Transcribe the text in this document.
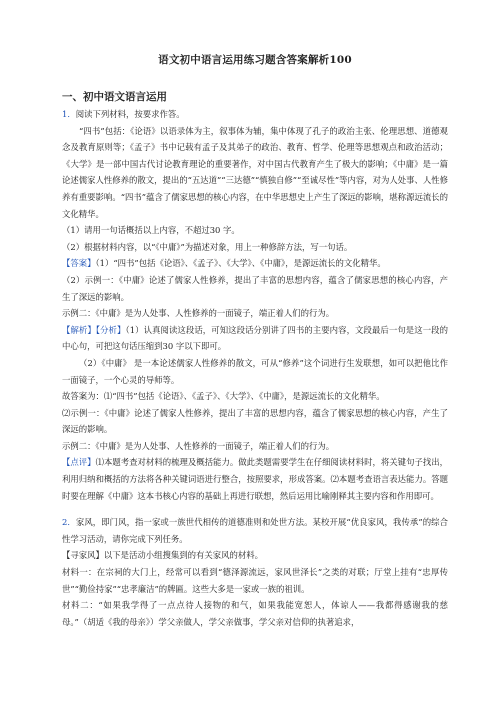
语文初中语言运用练习题含答案解析100
一、初中语文语言运用

1．阅读下列材料，按要求作答。

“四书”包括：《论语》以语录体为主，叙事体为辅，集中体现了孔子的政治主张、伦理思想、道德观念及教育原则等；《孟子》书中记载有孟子及其弟子的政治、教育、哲学、伦理等思想观点和政治活动；《大学》是一部中国古代讨论教育理论的重要著作，对中国古代教育产生了极大的影响；《中庸》是一篇论述儒家人性修养的散文，提出的“五达道”“三达德”“慎独自修”“至诚尽性”等内容，对为人处事、人性修养有重要影响。“四书”蕴含了儒家思想的核心内容，在中华思想史上产生了深远的影响，堪称源远流长的文化精华。

（1）请用一句话概括以上内容，不超过30 字。

（2）根据材料内容，以“《中庸》”为描述对象，用上一种修辞方法，写一句话。

【答案】（1）“四书”包括《论语》、《孟子》、《大学》、《中庸》，是源远流长的文化精华。

（2）示例一：《中庸》论述了儒家人性修养，提出了丰富的思想内容，蕴含了儒家思想的核心内容，产生了深远的影响。

示例二：《中庸》是为人处事、人性修养的一面镜子，端正着人们的行为。

【解析】【分析】（1）认真阅读这段话，可知这段话分别讲了四书的主要内容，文段最后一句是这一段的中心句，可把这句话压缩到30 字以下即可。

（2）《中庸》 是一本论述儒家人性修养的散文，可从“修养”这个词进行生发联想，如可以把他比作一面镜子，一个心灵的导师等。

故答案为：⑴“四书”包括《论语》、《孟子》、《大学》、《中庸》，是源远流长的文化精华。

⑵示例一：《中庸》论述了儒家人性修养，提出了丰富的思想内容，蕴含了儒家思想的核心内容，产生了深远的影响。

示例二：《中庸》是为人处事、人性修养的一面镜子，端正着人们的行为。

【点评】⑴本题考查对材料的梳理及概括能力。做此类题需要学生在仔细阅读材料时，将关键句子找出，利用归纳和概括的方法将各种关键词语进行整合，按照要求，形成答案。⑵本题考查语言表达能力。答题时要在理解《中庸》这本书核心内容的基础上再进行联想，然后运用比喻刚释其主要内容和作用即可。

2．家风，即门风，指一家或一族世代相传的道德准则和处世方法。某校开展“优良家风，我传承”的综合性学习活动，请你完成下列任务。

【寻家风】以下是活动小组搜集到的有关家风的材料。

材料一：在宗祠的大门上，经常可以看到“德泽源流远，家风世泽长”之类的对联；厅堂上挂有“忠厚传世”“勤俭持家”“忠孝廉洁”的牌匾。这些大多是一家或一族的祖训。

材料二：“如果我学得了一点点待人接物的和气，如果我能宽恕人，体谅人——我都得感谢我的慈母。”（胡适《我的母亲》）学父亲做人，学父亲做事，学父亲对信仰的执著追求，
